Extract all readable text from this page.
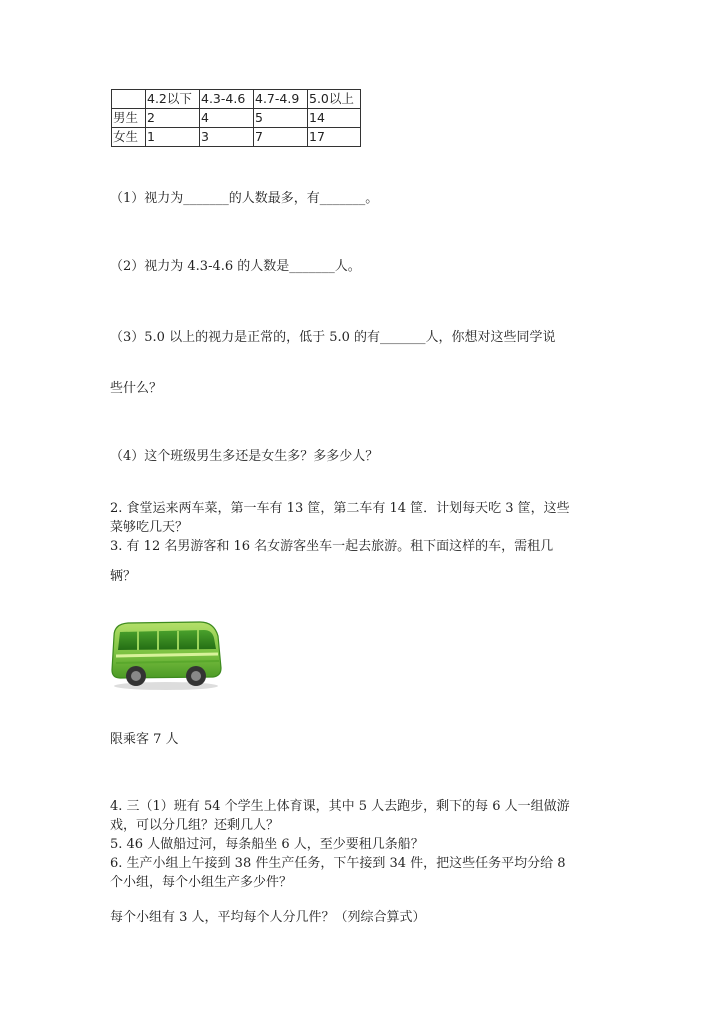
	4.2以下	4.3-4.6	4.7-4.9	5.0以上
男生	2	4	5	14
女生	1	3	7	17
（1）视力为_______的人数最多，有_______。
（2）视力为 4.3-4.6 的人数是_______人。
（3）5.0 以上的视力是正常的，低于 5.0 的有_______人，你想对这些同学说
些什么？
（4）这个班级男生多还是女生多？多多少人？
2. 食堂运来两车菜，第一车有 13 筐，第二车有 14 筐．计划每天吃 3 筐，这些
菜够吃几天？
3. 有 12 名男游客和 16 名女游客坐车一起去旅游。租下面这样的车，需租几
辆？
限乘客 7 人
4. 三（1）班有 54 个学生上体育课，其中 5 人去跑步，剩下的每 6 人一组做游
戏，可以分几组？还剩几人？
5. 46 人做船过河，每条船坐 6 人，至少要租几条船？
6. 生产小组上午接到 38 件生产任务，下午接到 34 件，把这些任务平均分给 8
个小组，每个小组生产多少件？
每个小组有 3 人，平均每个人分几件？（列综合算式）
